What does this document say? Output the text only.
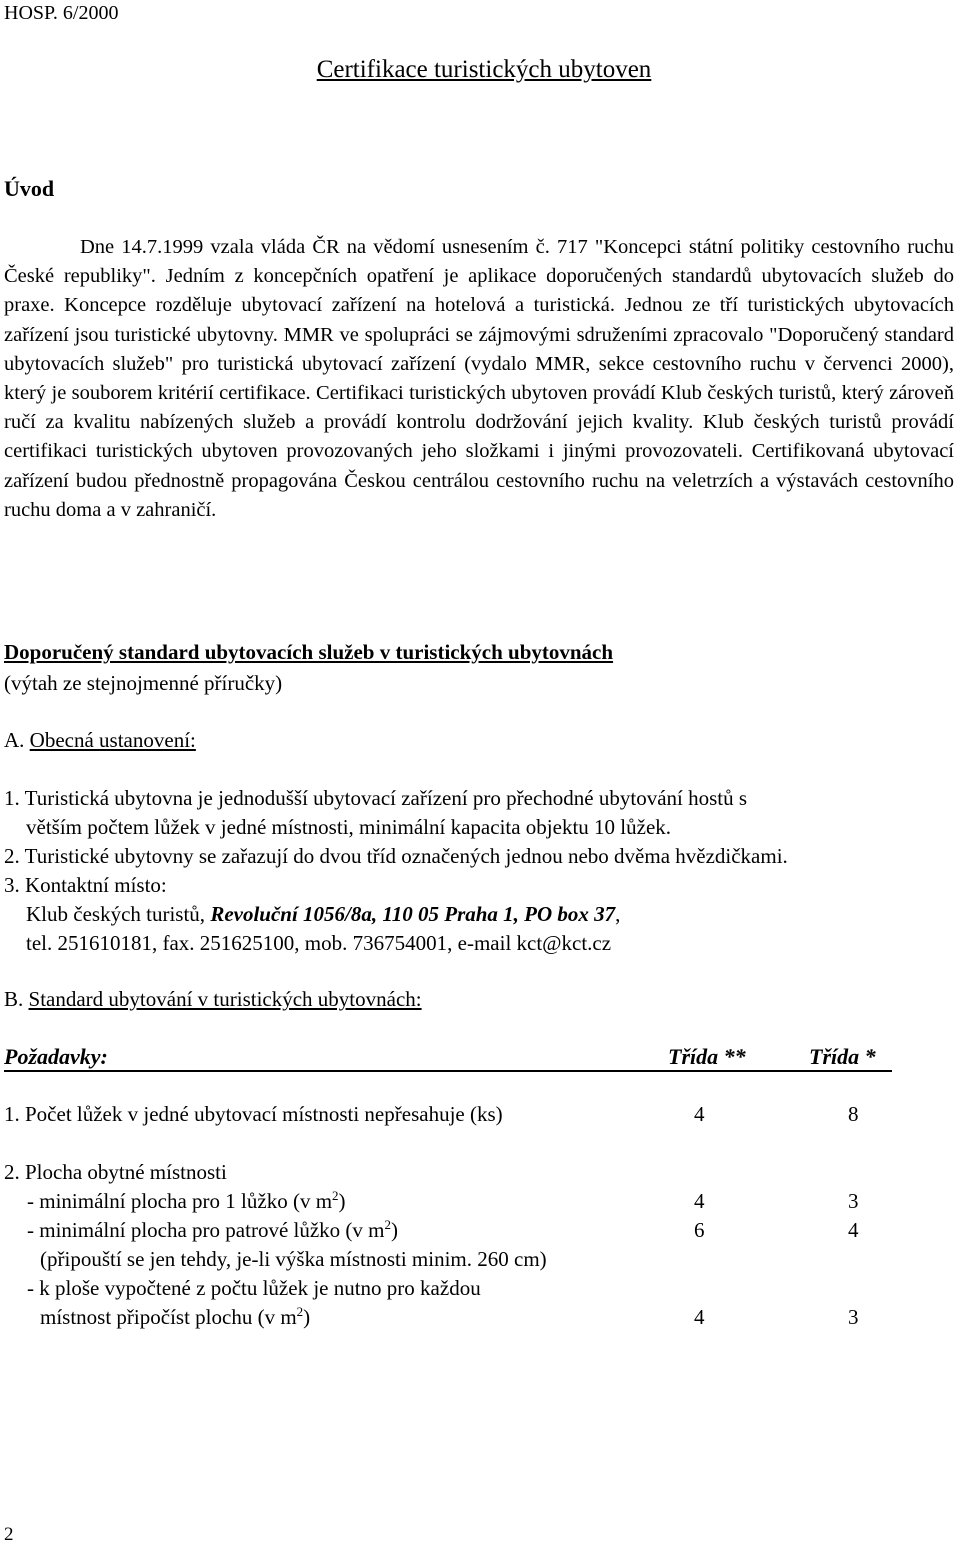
HOSP. 6/2000
Certifikace turistických ubytoven
Úvod

Dne 14.7.1999 vzala vláda ČR na vědomí usnesením č. 717 "Koncepci státní politiky cestovního ruchu České republiky". Jedním z koncepčních opatření je aplikace doporučených standardů ubytovacích služeb do praxe. Koncepce rozděluje ubytovací zařízení na hotelová a turistická. Jednou ze tří turistických ubytovacích zařízení jsou turistické ubytovny. MMR ve spolupráci se zájmovými sdruženími zpracovalo "Doporučený standard ubytovacích služeb" pro turistická ubytovací zařízení (vydalo MMR, sekce cestovního ruchu v červenci 2000), který je souborem kritérií certifikace. Certifikaci turistických ubytoven provádí Klub českých turistů, který zároveň ručí za kvalitu nabízených služeb a provádí kontrolu dodržování jejich kvality. Klub českých turistů provádí certifikaci turistických ubytoven provozovaných jeho složkami i jinými provozovateli. Certifikovaná ubytovací zařízení budou přednostně propagována Českou centrálou cestovního ruchu na veletrzích a výstavách cestovního ruchu doma a v zahraničí.

Doporučený standard ubytovacích služeb v turistických ubytovnách
(výtah ze stejnojmenné příručky)
A. Obecná ustanovení:
1. Turistická ubytovna je jednodušší ubytovací zařízení pro přechodné ubytování hostů s
větším počtem lůžek v jedné místnosti, minimální kapacita objektu 10 lůžek.
2. Turistické ubytovny se zařazují do dvou tříd označených jednou nebo dvěma hvězdičkami.
3. Kontaktní místo:
Klub českých turistů, Revoluční 1056/8a, 110 05 Praha 1, PO box 37,
tel. 251610181, fax. 251625100, mob. 736754001, e-mail kct@kct.cz
B. Standard ubytování v turistických ubytovnách:
Požadavky:	Třída **	Třída *
1. Počet lůžek v jedné ubytovací místnosti nepřesahuje (ks)	4	8
2. Plocha obytné místnosti
- minimální plocha pro 1 lůžko (v $m^2$)	4	3
- minimální plocha pro patrové lůžko (v $m^2$)	6	4
(připouští se jen tehdy, je-li výška místnosti minim. 260 cm)
- k ploše vypočtené z počtu lůžek je nutno pro každou
místnost připočíst plochu (v $m^2$)	4	3
2
